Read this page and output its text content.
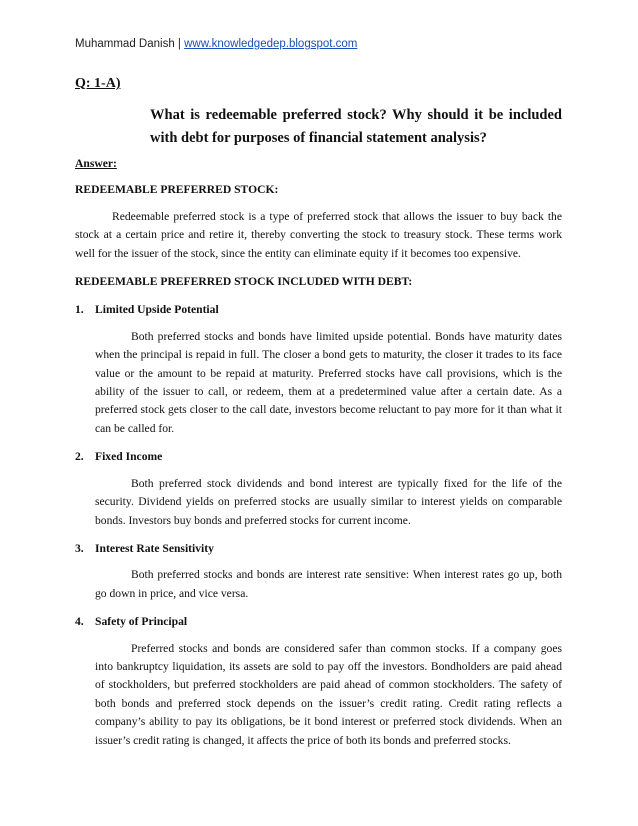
Muhammad Danish | www.knowledgedep.blogspot.com
Q: 1-A)
What is redeemable preferred stock? Why should it be included with debt for purposes of financial statement analysis?

Answer:

REDEEMABLE PREFERRED STOCK:

Redeemable preferred stock is a type of preferred stock that allows the issuer to buy back the stock at a certain price and retire it, thereby converting the stock to treasury stock. These terms work well for the issuer of the stock, since the entity can eliminate equity if it becomes too expensive.

REDEEMABLE PREFERRED STOCK INCLUDED WITH DEBT:

1. Limited Upside Potential

Both preferred stocks and bonds have limited upside potential. Bonds have maturity dates when the principal is repaid in full. The closer a bond gets to maturity, the closer it trades to its face value or the amount to be repaid at maturity. Preferred stocks have call provisions, which is the ability of the issuer to call, or redeem, them at a predetermined value after a certain date. As a preferred stock gets closer to the call date, investors become reluctant to pay more for it than what it can be called for.

2. Fixed Income

Both preferred stock dividends and bond interest are typically fixed for the life of the security. Dividend yields on preferred stocks are usually similar to interest yields on comparable bonds. Investors buy bonds and preferred stocks for current income.

3. Interest Rate Sensitivity

Both preferred stocks and bonds are interest rate sensitive: When interest rates go up, both go down in price, and vice versa.

4. Safety of Principal

Preferred stocks and bonds are considered safer than common stocks. If a company goes into bankruptcy liquidation, its assets are sold to pay off the investors. Bondholders are paid ahead of stockholders, but preferred stockholders are paid ahead of common stockholders. The safety of both bonds and preferred stock depends on the issuer’s credit rating. Credit rating reflects a company’s ability to pay its obligations, be it bond interest or preferred stock dividends. When an issuer’s credit rating is changed, it affects the price of both its bonds and preferred stocks.
